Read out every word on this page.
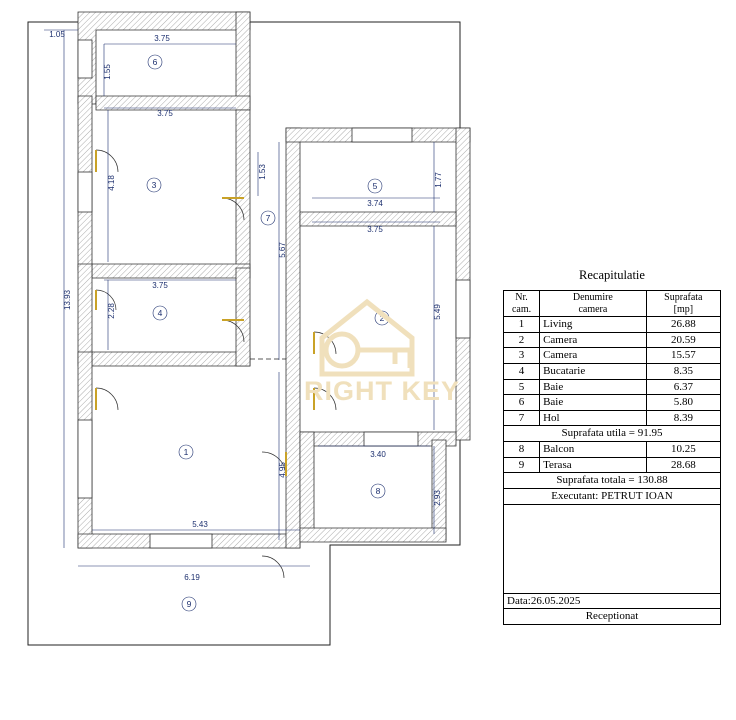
1
2
3
4
5
6
7
8
9
1.05	3.75
1.55
3.75
4.18
1.53
1.77
3.74
3.75
5.67
13.93
3.75
2.28	5.49
4.95
3.40
2.93
5.43
6.19
RIGHT KEY
Recapitulatie
Nr.
cam.

Denumire
camera

Suprafata
[mp]

1	Living	26.88
2	Camera	20.59
3	Camera	15.57
4	Bucatarie	8.35
5	Baie	6.37
6	Baie	5.80
7	Hol	8.39
Suprafata utila = 91.95		
8	Balcon	10.25
9	Terasa	28.68
Suprafata totala = 130.88		
Executant: PETRUT IOAN		

Data:26.05.2025		
Receptionat		
